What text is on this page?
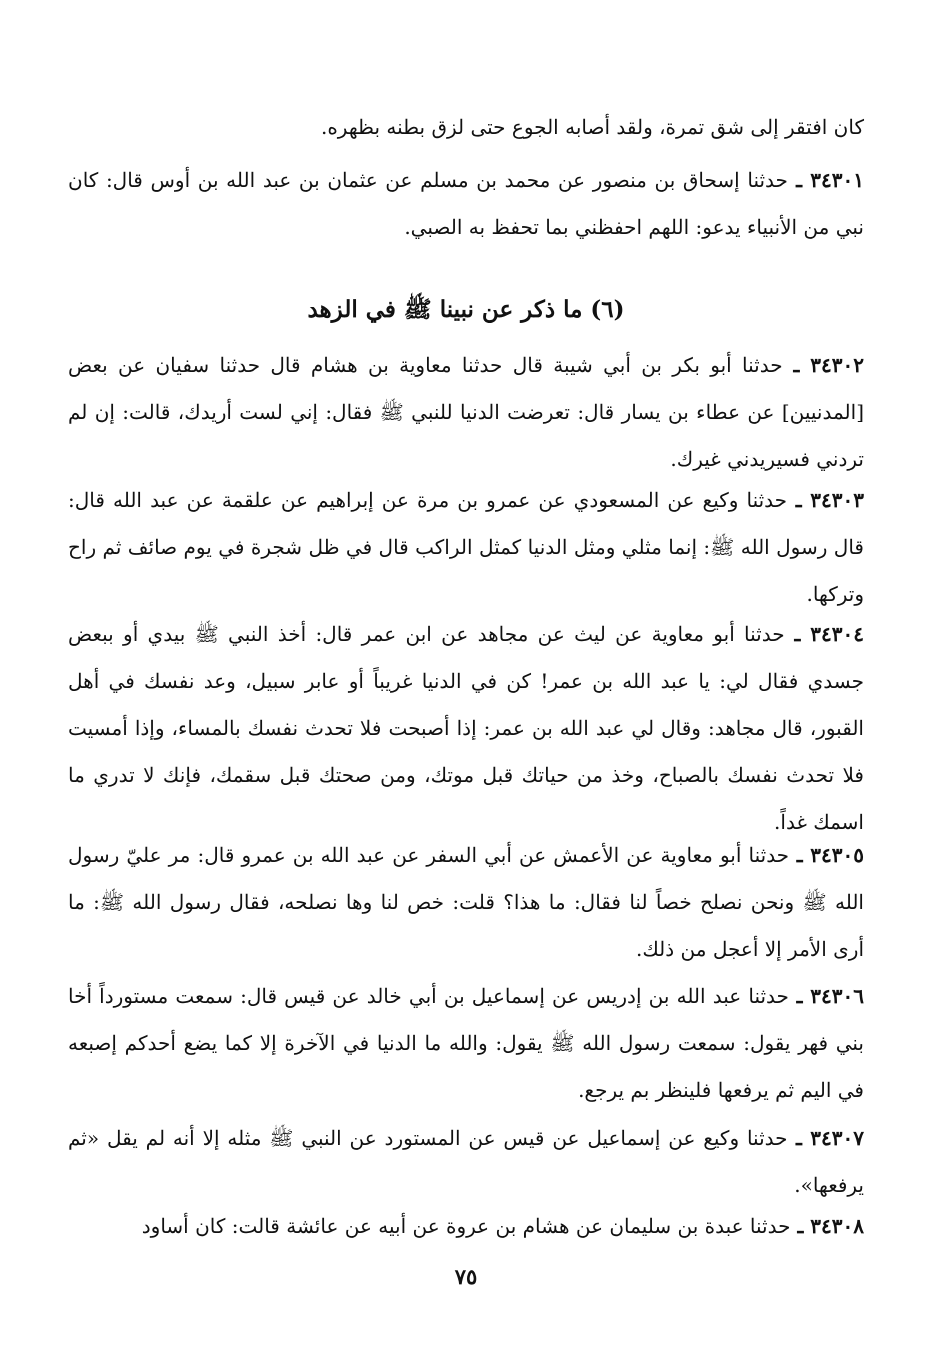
كان افتقر إلى شق تمرة، ولقد أصابه الجوع حتى لزق بطنه بظهره.

٣٤٣٠١ ـ حدثنا إسحاق بن منصور عن محمد بن مسلم عن عثمان بن عبد الله بن أوس قال: كان نبي من الأنبياء يدعو: اللهم احفظني بما تحفظ به الصبي.

(٦) ما ذكر عن نبينا ﷺ في الزهد

٣٤٣٠٢ ـ حدثنا أبو بكر بن أبي شيبة قال حدثنا معاوية بن هشام قال حدثنا سفيان عن بعض [المدنيين] عن عطاء بن يسار قال: تعرضت الدنيا للنبي ﷺ فقال: إني لست أريدك، قالت: إن لم تردني فسيريدني غيرك.

٣٤٣٠٣ ـ حدثنا وكيع عن المسعودي عن عمرو بن مرة عن إبراهيم عن علقمة عن عبد الله قال: قال رسول الله ﷺ: إنما مثلي ومثل الدنيا كمثل الراكب قال في ظل شجرة في يوم صائف ثم راح وتركها.

٣٤٣٠٤ ـ حدثنا أبو معاوية عن ليث عن مجاهد عن ابن عمر قال: أخذ النبي ﷺ بيدي أو ببعض جسدي فقال لي: يا عبد الله بن عمر! كن في الدنيا غريباً أو عابر سبيل، وعد نفسك في أهل القبور، قال مجاهد: وقال لي عبد الله بن عمر: إذا أصبحت فلا تحدث نفسك بالمساء، وإذا أمسيت فلا تحدث نفسك بالصباح، وخذ من حياتك قبل موتك، ومن صحتك قبل سقمك، فإنك لا تدري ما اسمك غداً.

٣٤٣٠٥ ـ حدثنا أبو معاوية عن الأعمش عن أبي السفر عن عبد الله بن عمرو قال: مر عليّ رسول الله ﷺ ونحن نصلح خصاً لنا فقال: ما هذا؟ قلت: خص لنا وها نصلحه، فقال رسول الله ﷺ: ما أرى الأمر إلا أعجل من ذلك.

٣٤٣٠٦ ـ حدثنا عبد الله بن إدريس عن إسماعيل بن أبي خالد عن قيس قال: سمعت مستورداً أخا بني فهر يقول: سمعت رسول الله ﷺ يقول: والله ما الدنيا في الآخرة إلا كما يضع أحدكم إصبعه في اليم ثم يرفعها فلينظر بم يرجع.

٣٤٣٠٧ ـ حدثنا وكيع عن إسماعيل عن قيس عن المستورد عن النبي ﷺ مثله إلا أنه لم يقل «ثم يرفعها».

٣٤٣٠٨ ـ حدثنا عبدة بن سليمان عن هشام بن عروة عن أبيه عن عائشة قالت: كان أساود

٧٥
